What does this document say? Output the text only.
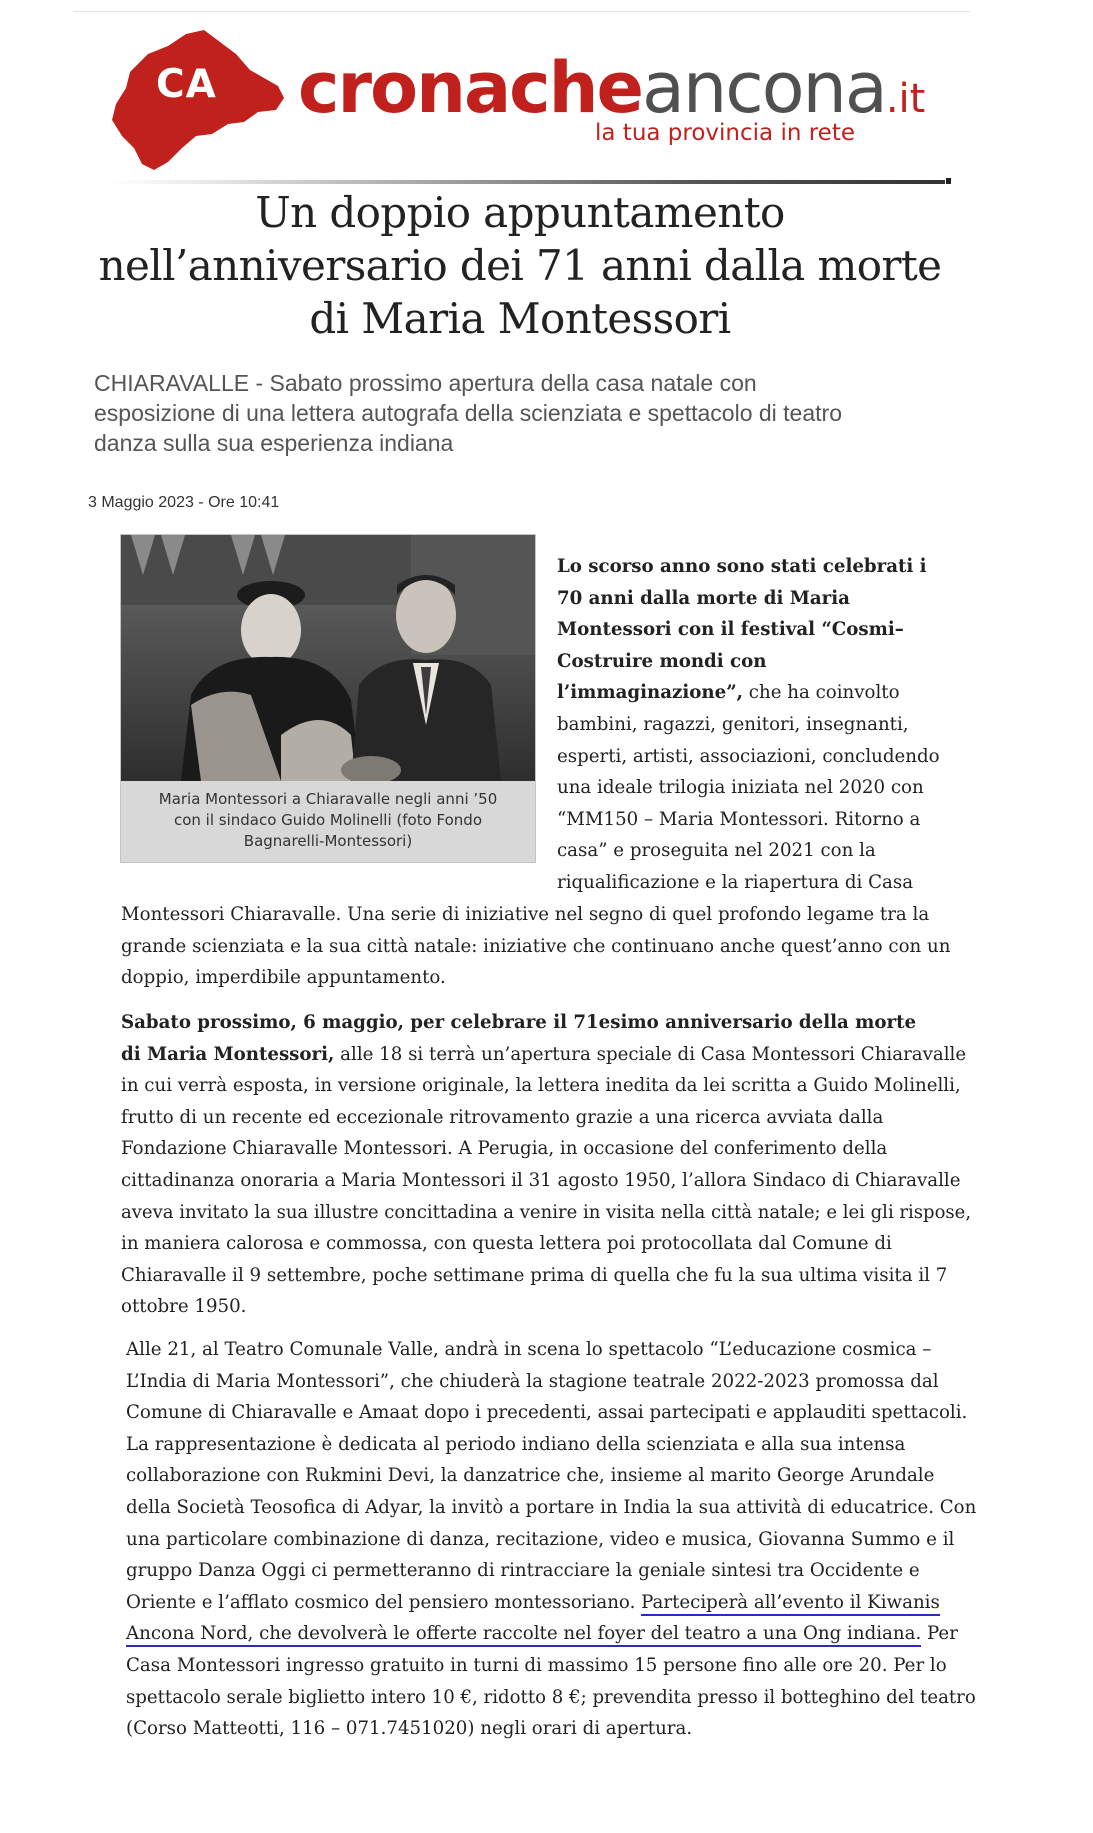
CA cronacheancona.it
la tua provincia in rete
Un doppio appuntamento
nell’anniversario dei 71 anni dalla morte
di Maria Montessori

CHIARAVALLE - Sabato prossimo apertura della casa natale con
esposizione di una lettera autografa della scienziata e spettacolo di teatro
danza sulla sua esperienza indiana

3 Maggio 2023 - Ore 10:41
Maria Montessori a Chiaravalle negli anni ’50
con il sindaco Guido Molinelli (foto Fondo
Bagnarelli-Montessori)
Lo scorso anno sono stati celebrati i
70 anni dalla morte di Maria
Montessori con il festival “Cosmi–
Costruire mondi con
l’immaginazione”, che ha coinvolto
bambini, ragazzi, genitori, insegnanti,
esperti, artisti, associazioni, concludendo
una ideale trilogia iniziata nel 2020 con
“MM150 – Maria Montessori. Ritorno a
casa” e proseguita nel 2021 con la
riqualificazione e la riapertura di Casa
Montessori Chiaravalle. Una serie di iniziative nel segno di quel profondo legame tra la
grande scienziata e la sua città natale: iniziative che continuano anche quest’anno con un
doppio, imperdibile appuntamento.
Sabato prossimo, 6 maggio, per celebrare il 71esimo anniversario della morte
di Maria Montessori, alle 18 si terrà un’apertura speciale di Casa Montessori Chiaravalle
in cui verrà esposta, in versione originale, la lettera inedita da lei scritta a Guido Molinelli,
frutto di un recente ed eccezionale ritrovamento grazie a una ricerca avviata dalla
Fondazione Chiaravalle Montessori. A Perugia, in occasione del conferimento della
cittadinanza onoraria a Maria Montessori il 31 agosto 1950, l’allora Sindaco di Chiaravalle
aveva invitato la sua illustre concittadina a venire in visita nella città natale; e lei gli rispose,
in maniera calorosa e commossa, con questa lettera poi protocollata dal Comune di
Chiaravalle il 9 settembre, poche settimane prima di quella che fu la sua ultima visita il 7
ottobre 1950.
Alle 21, al Teatro Comunale Valle, andrà in scena lo spettacolo “L’educazione cosmica –
L’India di Maria Montessori”, che chiuderà la stagione teatrale 2022-2023 promossa dal
Comune di Chiaravalle e Amaat dopo i precedenti, assai partecipati e applauditi spettacoli.
La rappresentazione è dedicata al periodo indiano della scienziata e alla sua intensa
collaborazione con Rukmini Devi, la danzatrice che, insieme al marito George Arundale
della Società Teosofica di Adyar, la invitò a portare in India la sua attività di educatrice. Con
una particolare combinazione di danza, recitazione, video e musica, Giovanna Summo e il
gruppo Danza Oggi ci permetteranno di rintracciare la geniale sintesi tra Occidente e
Oriente e l’afflato cosmico del pensiero montessoriano. Parteciperà all’evento il Kiwanis
Ancona Nord, che devolverà le offerte raccolte nel foyer del teatro a una Ong indiana. Per
Casa Montessori ingresso gratuito in turni di massimo 15 persone fino alle ore 20. Per lo
spettacolo serale biglietto intero 10 €, ridotto 8 €; prevendita presso il botteghino del teatro
(Corso Matteotti, 116 – 071.7451020) negli orari di apertura.
